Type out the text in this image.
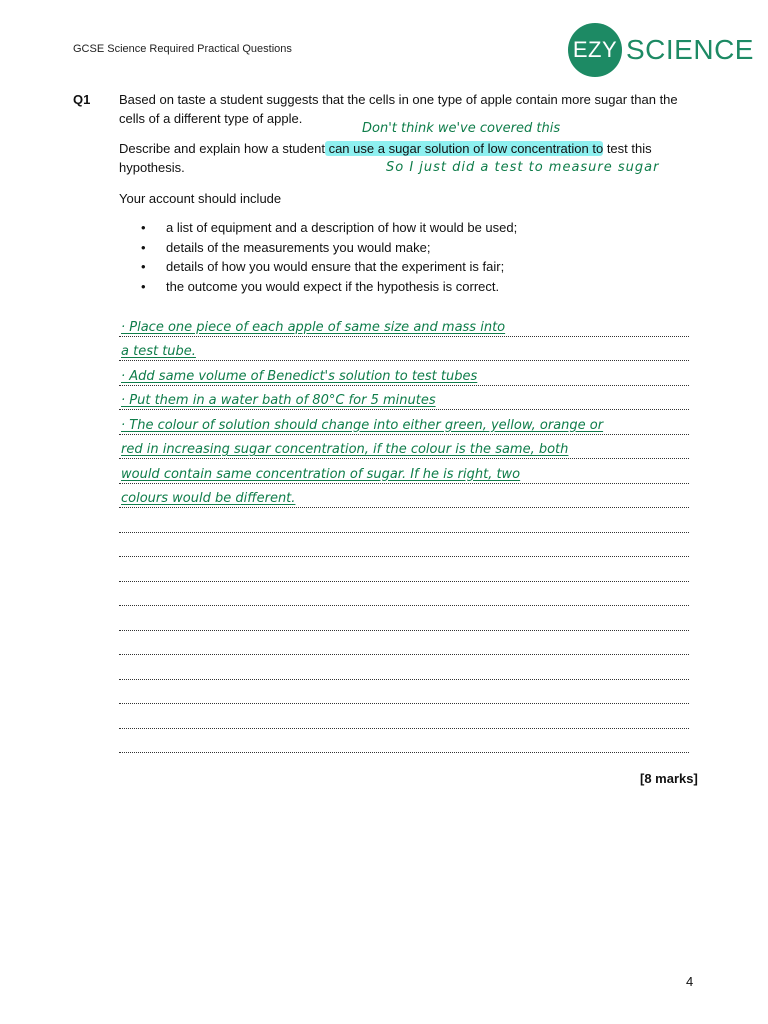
GCSE Science Required Practical Questions	EZY SCIENCE
Q1 Based on taste a student suggests that the cells in one type of apple contain more sugar than the cells of a different type of apple.
Describe and explain how a student can use a sugar solution of low concentration to test this hypothesis.
Don't think we've covered this
So I just did a test to measure sugar
Your account should include
• a list of equipment and a description of how it would be used;
• details of the measurements you would make;
• details of how you would ensure that the experiment is fair;
• the outcome you would expect if the hypothesis is correct.
· Place one piece of each apple of same size and mass into
a test tube.
· Add same volume of Benedict's solution to test tubes
· Put them in a water bath of 80°C for 5 minutes
· The colour of solution should change into either green, yellow, orange or
red in increasing sugar concentration, if the colour is the same, both
would contain same concentration of sugar. If he is right, two
colours would be different.
[8 marks]
4
